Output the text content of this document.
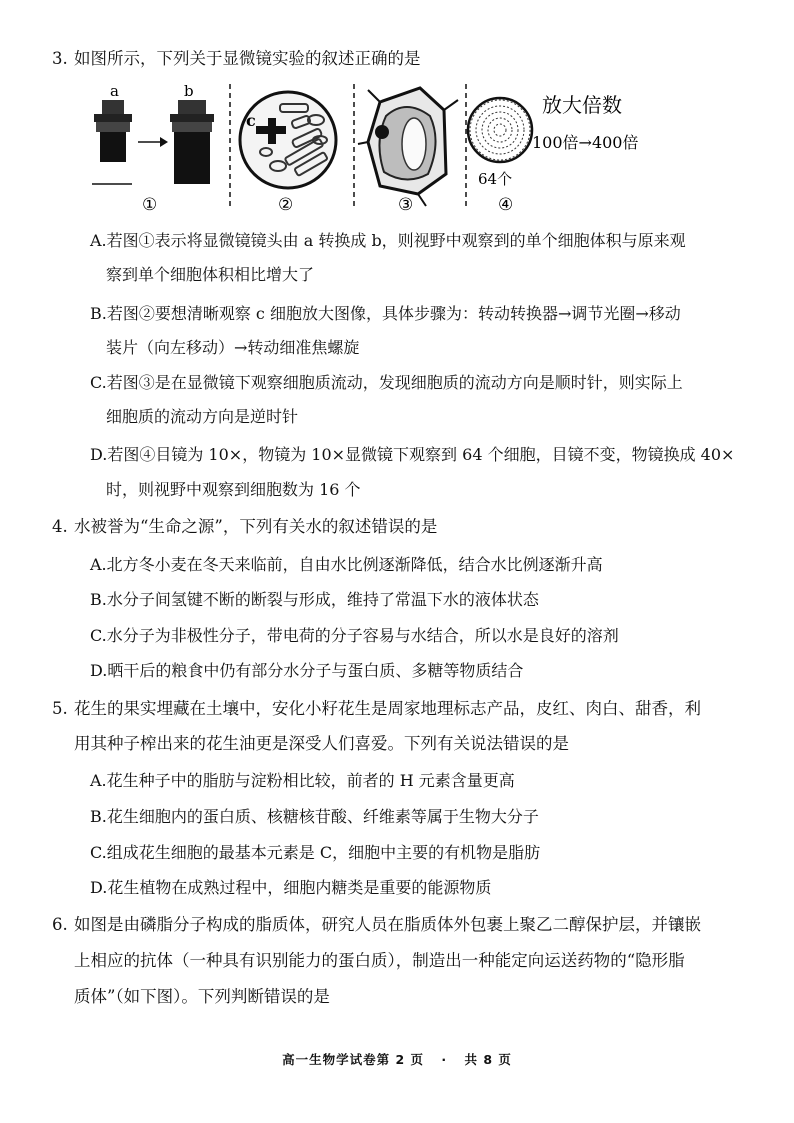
3. 如图所示，下列关于显微镜实验的叙述正确的是
a	b
①
c
②	③
64个
放大倍数
100倍→400倍
④
A.若图①表示将显微镜镜头由 a 转换成 b，则视野中观察到的单个细胞体积与原来观
察到单个细胞体积相比增大了
B.若图②要想清晰观察 c 细胞放大图像，具体步骤为：转动转换器→调节光圈→移动
装片（向左移动）→转动细准焦螺旋
C.若图③是在显微镜下观察细胞质流动，发现细胞质的流动方向是顺时针，则实际上
细胞质的流动方向是逆时针
D.若图④目镜为 10×，物镜为 10×显微镜下观察到 64 个细胞，目镜不变，物镜换成 40×
时，则视野中观察到细胞数为 16 个
4. 水被誉为“生命之源”，下列有关水的叙述错误的是
A.北方冬小麦在冬天来临前，自由水比例逐渐降低，结合水比例逐渐升高
B.水分子间氢键不断的断裂与形成，维持了常温下水的液体状态
C.水分子为非极性分子，带电荷的分子容易与水结合，所以水是良好的溶剂
D.晒干后的粮食中仍有部分水分子与蛋白质、多糖等物质结合
5. 花生的果实埋藏在土壤中，安化小籽花生是周家地理标志产品，皮红、肉白、甜香，利
用其种子榨出来的花生油更是深受人们喜爱。下列有关说法错误的是
A.花生种子中的脂肪与淀粉相比较，前者的 H 元素含量更高
B.花生细胞内的蛋白质、核糖核苷酸、纤维素等属于生物大分子
C.组成花生细胞的最基本元素是 C，细胞中主要的有机物是脂肪
D.花生植物在成熟过程中，细胞内糖类是重要的能源物质
6. 如图是由磷脂分子构成的脂质体，研究人员在脂质体外包裹上聚乙二醇保护层，并镶嵌
上相应的抗体（一种具有识别能力的蛋白质），制造出一种能定向运送药物的“隐形脂
质体”（如下图）。下列判断错误的是
高一生物学试卷第 2 页 · 共 8 页
